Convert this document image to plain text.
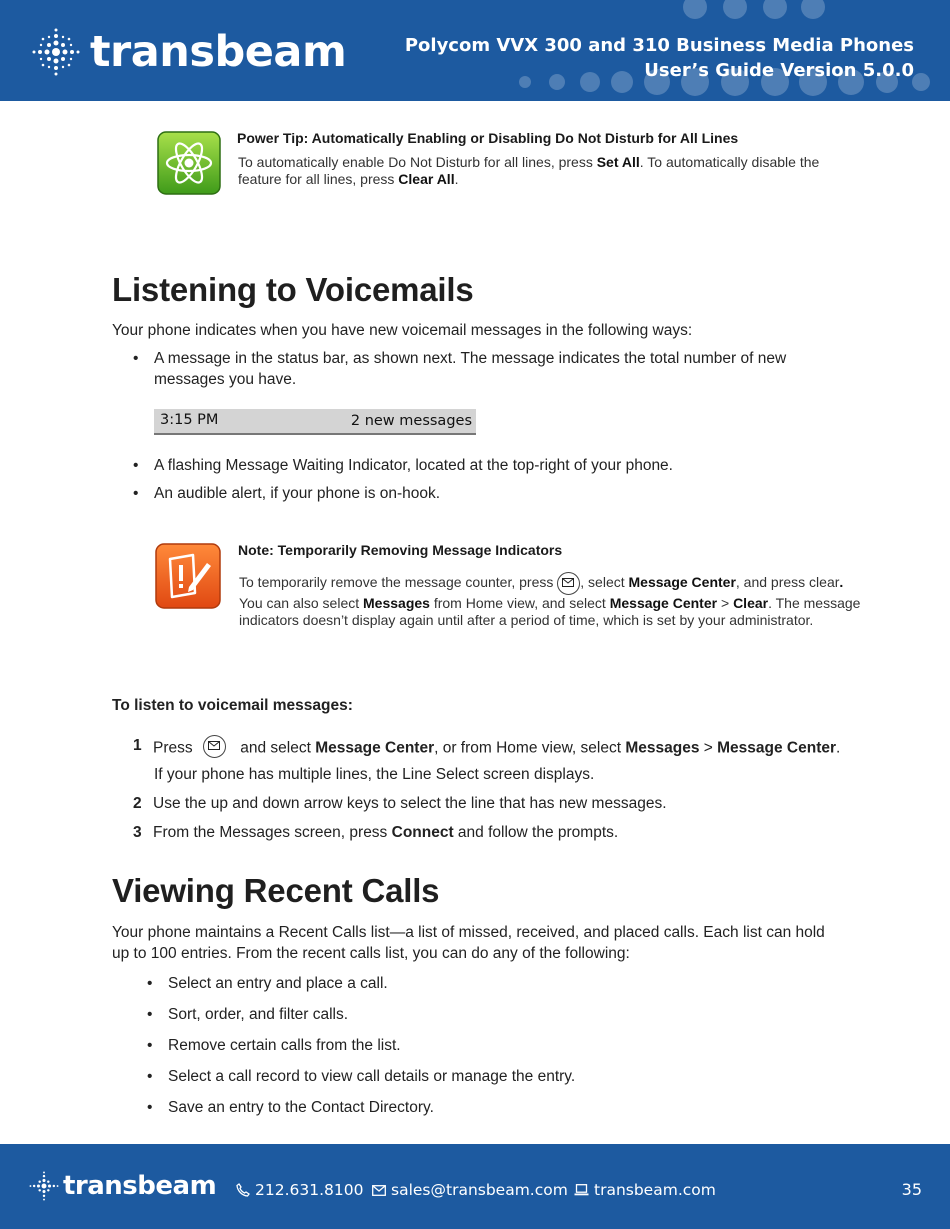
transbeam	Polycom VVX 300 and 310 Business Media Phones
User’s Guide Version 5.0.0
Power Tip: Automatically Enabling or Disabling Do Not Disturb for All Lines
To automatically enable Do Not Disturb for all lines, press Set All. To automatically disable the feature for all lines, press Clear All.
Listening to Voicemails
Your phone indicates when you have new voicemail messages in the following ways:
• A message in the status bar, as shown next. The message indicates the total number of new messages you have.
3:15 PM	2 new messages
• A flashing Message Waiting Indicator, located at the top-right of your phone.
• An audible alert, if your phone is on-hook.
Note: Temporarily Removing Message Indicators
To temporarily remove the message counter, press
, select Message Center, and press clear. You can also select Messages from Home view, and select Message Center > Clear. The message indicators doesn’t display again until after a period of time, which is set by your administrator.
To listen to voicemail messages:
1 Press	and select Message Center, or from Home view, select Messages > Message Center.
If your phone has multiple lines, the Line Select screen displays.
2 Use the up and down arrow keys to select the line that has new messages.
3 From the Messages screen, press Connect and follow the prompts.
Viewing Recent Calls
Your phone maintains a Recent Calls list—a list of missed, received, and placed calls. Each list can hold up to 100 entries. From the recent calls list, you can do any of the following:
• Select an entry and place a call.
• Sort, order, and filter calls.
• Remove certain calls from the list.
• Select a call record to view call details or manage the entry.
• Save an entry to the Contact Directory.
transbeam	212.631.8100 sales@transbeam.com transbeam.com	35
